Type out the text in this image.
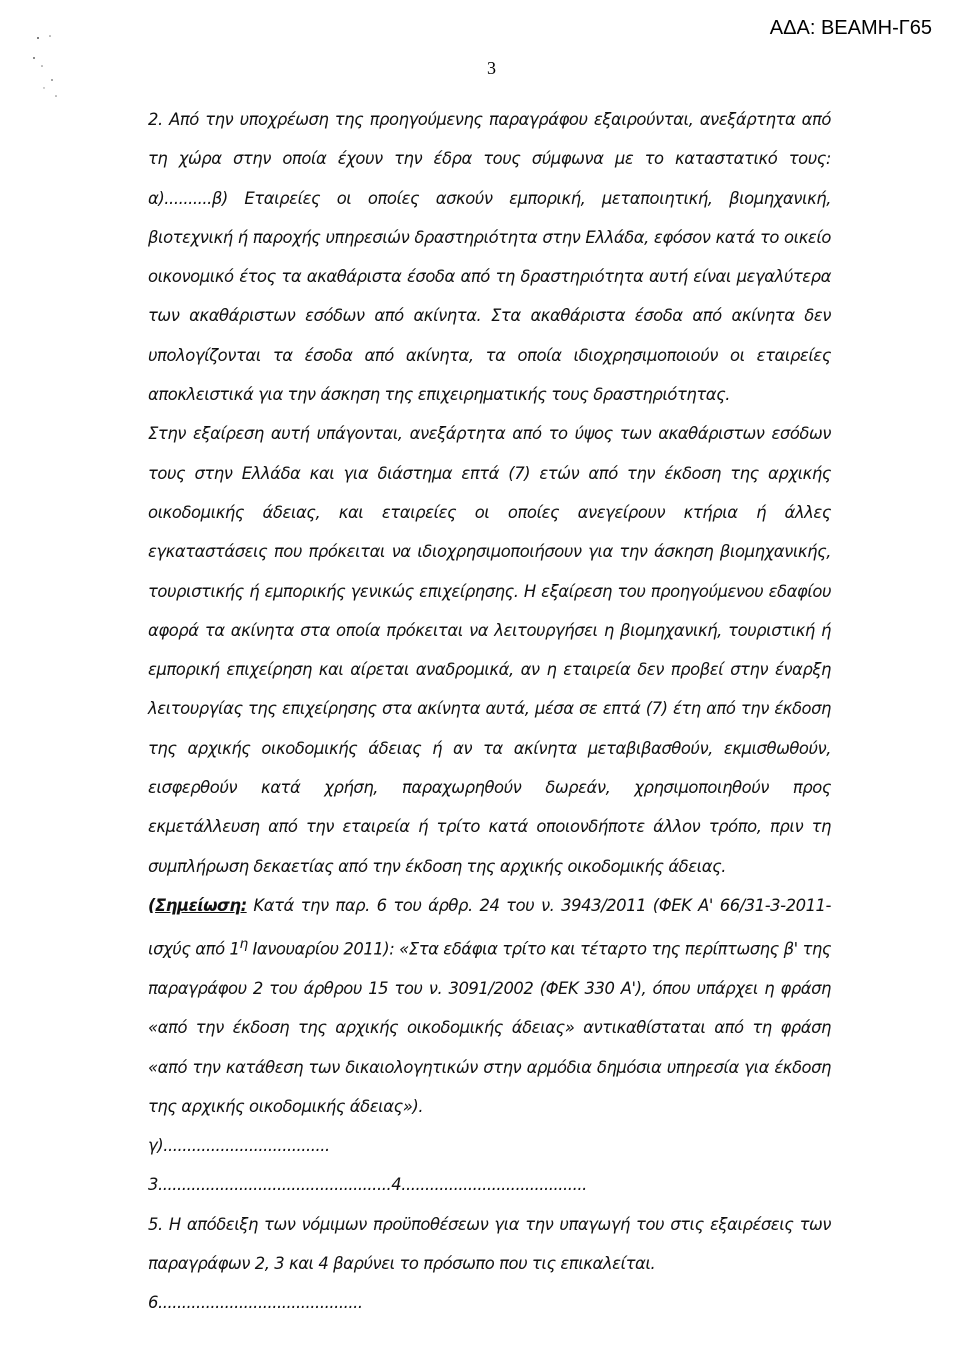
ΑΔΑ: ΒΕΑΜΗ-Γ65
3

2. Από την υποχρέωση της προηγούμενης παραγράφου εξαιρούνται, ανεξάρτητα από τη χώρα στην οποία έχουν την έδρα τους σύμφωνα με το καταστατικό τους: α)..........β) Εταιρείες οι οποίες ασκούν εμπορική, μεταποιητική, βιομηχανική, βιοτεχνική ή παροχής υπηρεσιών δραστηριότητα στην Ελλάδα, εφόσον κατά το οικείο οικονομικό έτος τα ακαθάριστα έσοδα από τη δραστηριότητα αυτή είναι μεγαλύτερα των ακαθάριστων εσόδων από ακίνητα. Στα ακαθάριστα έσοδα από ακίνητα δεν υπολογίζονται τα έσοδα από ακίνητα, τα οποία ιδιοχρησιμοποιούν οι εταιρείες αποκλειστικά για την άσκηση της επιχειρηματικής τους δραστηριότητας.

Στην εξαίρεση αυτή υπάγονται, ανεξάρτητα από το ύψος των ακαθάριστων εσόδων τους στην Ελλάδα και για διάστημα επτά (7) ετών από την έκδοση της αρχικής οικοδομικής άδειας, και εταιρείες οι οποίες ανεγείρουν κτήρια ή άλλες εγκαταστάσεις που πρόκειται να ιδιοχρησιμοποιήσουν για την άσκηση βιομηχανικής, τουριστικής ή εμπορικής γενικώς επιχείρησης. Η εξαίρεση του προηγούμενου εδαφίου αφορά τα ακίνητα στα οποία πρόκειται να λειτουργήσει η βιομηχανική, τουριστική ή εμπορική επιχείρηση και αίρεται αναδρομικά, αν η εταιρεία δεν προβεί στην έναρξη λειτουργίας της επιχείρησης στα ακίνητα αυτά, μέσα σε επτά (7) έτη από την έκδοση της αρχικής οικοδομικής άδειας ή αν τα ακίνητα μεταβιβασθούν, εκμισθωθούν, εισφερθούν κατά χρήση, παραχωρηθούν δωρεάν, χρησιμοποιηθούν προς εκμετάλλευση από την εταιρεία ή τρίτο κατά οποιονδήποτε άλλον τρόπο, πριν τη συμπλήρωση δεκαετίας από την έκδοση της αρχικής οικοδομικής άδειας.

(Σημείωση: Κατά την παρ. 6 του άρθρ. 24 του ν. 3943/2011 (ΦΕΚ Α' 66/31-3-2011-ισχύς από $1^\eta$ Ιανουαρίου 2011): «Στα εδάφια τρίτο και τέταρτο της περίπτωσης β' της παραγράφου 2 του άρθρου 15 του ν. 3091/2002 (ΦΕΚ 330 Α'), όπου υπάρχει η φράση «από την έκδοση της αρχικής οικοδομικής άδειας» αντικαθίσταται από τη φράση «από την κατάθεση των δικαιολογητικών στην αρμόδια δημόσια υπηρεσία για έκδοση της αρχικής οικοδομικής άδειας»).

γ)...................................

3.................................................4.......................................

5. Η απόδειξη των νόμιμων προϋποθέσεων για την υπαγωγή του στις εξαιρέσεις των παραγράφων 2, 3 και 4 βαρύνει το πρόσωπο που τις επικαλείται.

6...........................................
